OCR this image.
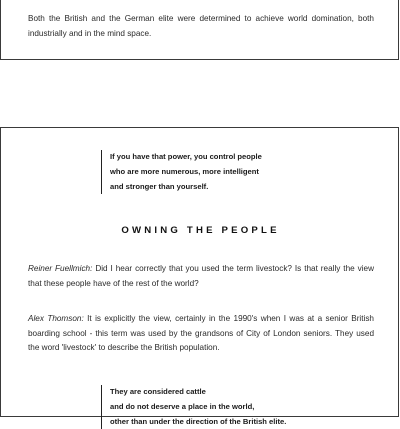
Both the British and the German elite were determined to achieve world domination, both industrially and in the mind space.

If you have that power, you control people
who are more numerous, more intelligent
and stronger than yourself.
OWNING THE PEOPLE

Reiner Fuellmich: Did I hear correctly that you used the term livestock? Is that really the view that these people have of the rest of the world?

Alex Thomson: It is explicitly the view, certainly in the 1990's when I was at a senior British boarding school - this term was used by the grandsons of City of London seniors. They used the word 'livestock' to describe the British population.

They are considered cattle
and do not deserve a place in the world,
other than under the direction of the British elite.
